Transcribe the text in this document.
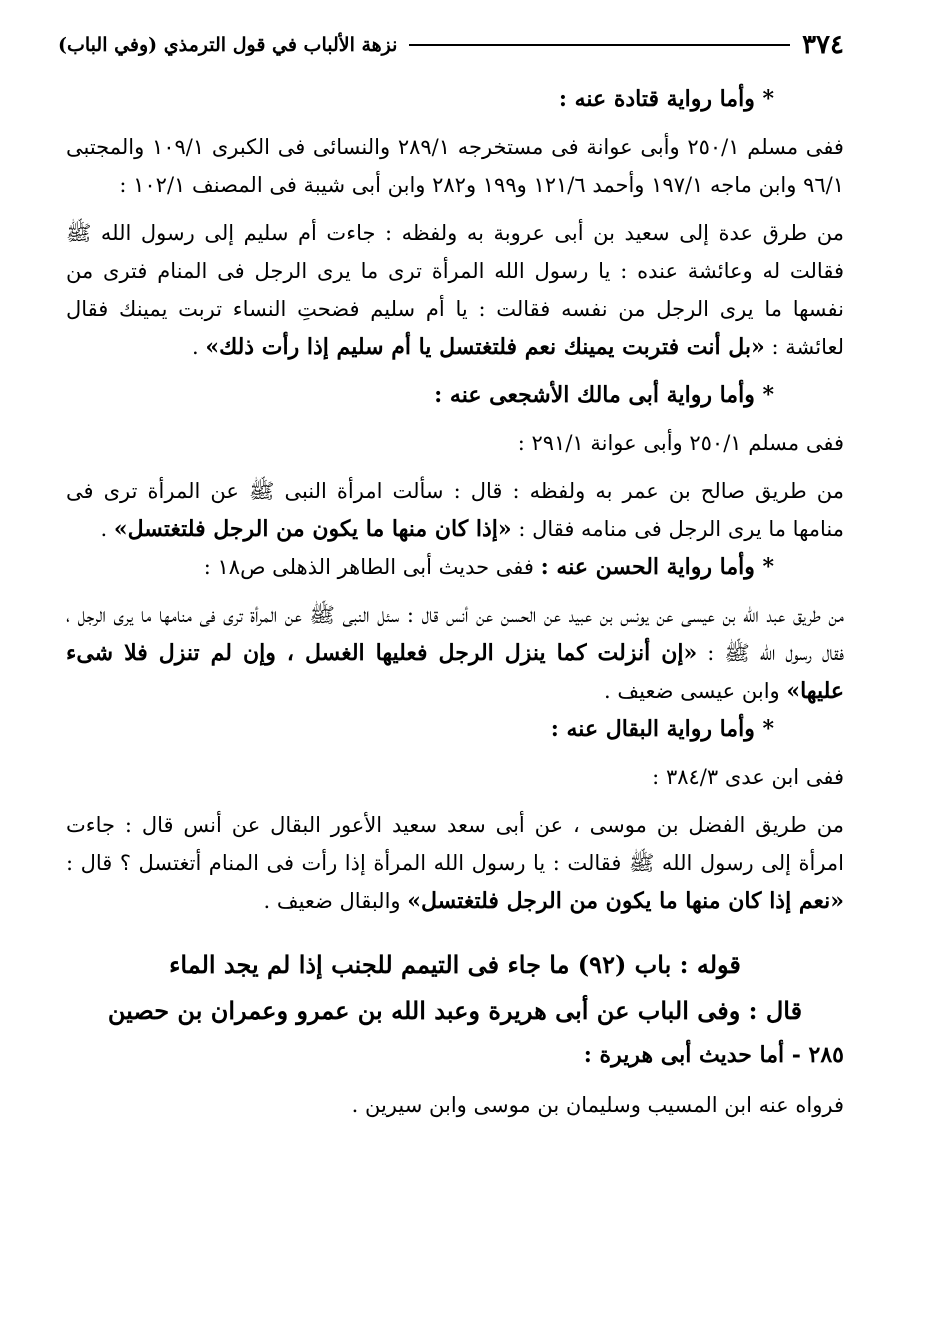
٣٧٤
نزهة الألباب في قول الترمذي (وفي الباب)

* وأما رواية قتادة عنه :

ففى مسلم ٢٥٠/١ وأبى عوانة فى مستخرجه ٢٨٩/١ والنسائى فى الكبرى ١٠٩/١ والمجتبى ٩٦/١ وابن ماجه ١٩٧/١ وأحمد ١٢١/٦ و١٩٩ و٢٨٢ وابن أبى شيبة فى المصنف ١٠٢/١ :

من طرق عدة إلى سعيد بن أبى عروبة به ولفظه : جاءت أم سليم إلى رسول الله ﷺ فقالت له وعائشة عنده : يا رسول الله المرأة ترى ما يرى الرجل فى المنام فترى من نفسها ما يرى الرجل من نفسه فقالت : يا أم سليم فضحتِ النساء تربت يمينك فقال لعائشة : «بل أنت فتربت يمينك نعم فلتغتسل يا أم سليم إذا رأت ذلك» .

* وأما رواية أبى مالك الأشجعى عنه :

ففى مسلم ٢٥٠/١ وأبى عوانة ٢٩١/١ :

من طريق صالح بن عمر به ولفظه : قال : سألت امرأة النبى ﷺ عن المرأة ترى فى منامها ما يرى الرجل فى منامه فقال : «إذا كان منها ما يكون من الرجل فلتغتسل» .

* وأما رواية الحسن عنه : ففى حديث أبى الطاهر الذهلى ص١٨ :

من طريق عبد الله بن عيسى عن يونس بن عبيد عن الحسن عن أنس قال : سئل النبى ﷺ عن المرأة ترى فى منامها ما يرى الرجل ، فقال رسول الله ﷺ : «إن أنزلت كما ينزل الرجل فعليها الغسل ، وإن لم تنزل فلا شىء عليها» وابن عيسى ضعيف .

* وأما رواية البقال عنه :

ففى ابن عدى ٣٨٤/٣ :

من طريق الفضل بن موسى ، عن أبى سعد سعيد الأعور البقال عن أنس قال : جاءت امرأة إلى رسول الله ﷺ فقالت : يا رسول الله المرأة إذا رأت فى المنام أتغتسل ؟ قال : «نعم إذا كان منها ما يكون من الرجل فلتغتسل» والبقال ضعيف .

قوله : باب (٩٢) ما جاء فى التيمم للجنب إذا لم يجد الماء

قال : وفى الباب عن أبى هريرة وعبد الله بن عمرو وعمران بن حصين

٢٨٥ - أما حديث أبى هريرة :

فرواه عنه ابن المسيب وسليمان بن موسى وابن سيرين .
